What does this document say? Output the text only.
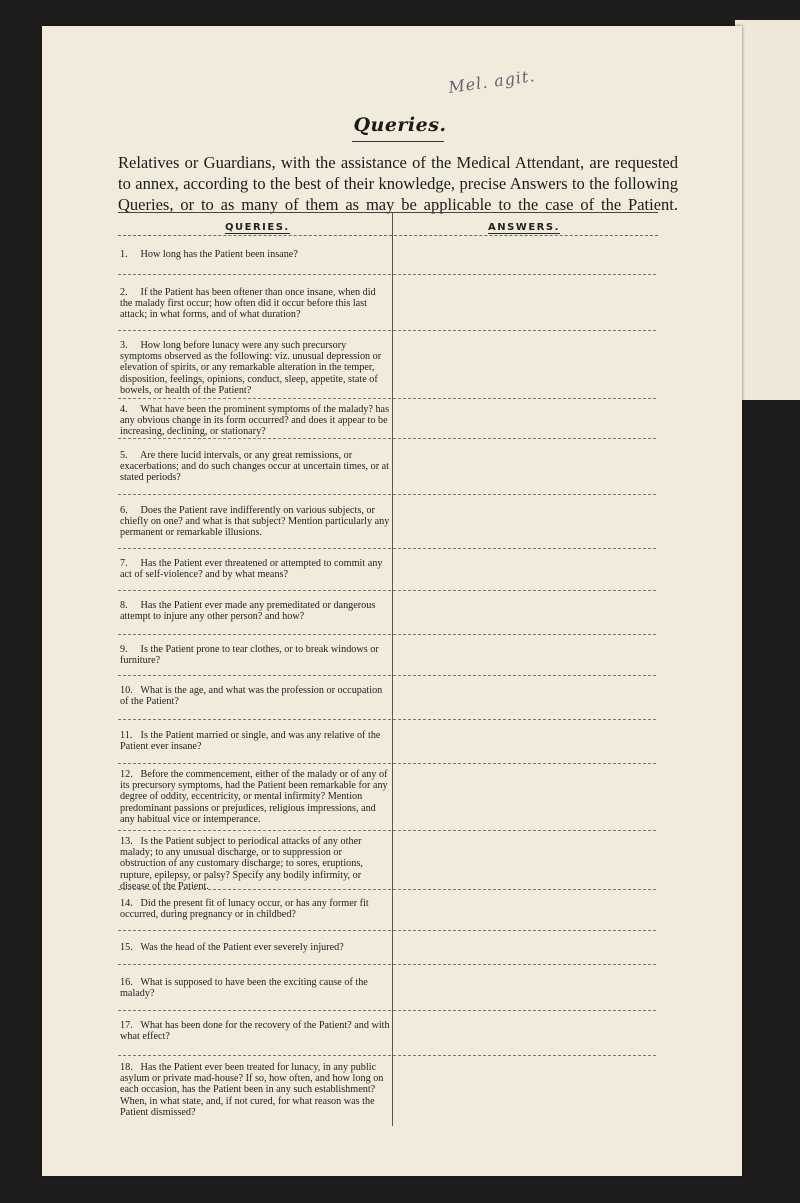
Mel. agit.
Queries.
Relatives or Guardians, with the assistance of the Medical Attendant, are requested to annex, according to the best of their knowledge, precise Answers to the following Queries, or to as many of them as may be applicable to the case of the Patient.
QUERIES.	ANSWERS.
1. How long has the Patient been insane?
2. If the Patient has been oftener than once insane, when did the malady first occur; how often did it occur before this last attack; in what forms, and of what duration?
3. How long before lunacy were any such precursory symptoms observed as the following: viz. unusual depression or elevation of spirits, or any remarkable alteration in the temper, disposition, feelings, opinions, conduct, sleep, appetite, state of bowels, or health of the Patient?
4. What have been the prominent symptoms of the malady? has any obvious change in its form occurred? and does it appear to be increasing, declining, or stationary?
5. Are there lucid intervals, or any great remissions, or exacerbations; and do such changes occur at uncertain times, or at stated periods?
6. Does the Patient rave indifferently on various subjects, or chiefly on one? and what is that subject? Mention particularly any permanent or remarkable illusions.
7. Has the Patient ever threatened or attempted to commit any act of self-violence? and by what means?
8. Has the Patient ever made any premeditated or dangerous attempt to injure any other person? and how?
9. Is the Patient prone to tear clothes, or to break windows or furniture?
10. What is the age, and what was the profession or occupation of the Patient?
11. Is the Patient married or single, and was any relative of the Patient ever insane?
12. Before the commencement, either of the malady or of any of its precursory symptoms, had the Patient been remarkable for any degree of oddity, eccentricity, or mental infirmity? Mention predominant passions or prejudices, religious impressions, and any habitual vice or intemperance.
13. Is the Patient subject to periodical attacks of any other malady; to any unusual discharge, or to suppression or obstruction of any customary discharge; to sores, eruptions, rupture, epilepsy, or palsy? Specify any bodily infirmity, or disease of the Patient.
14. Did the present fit of lunacy occur, or has any former fit occurred, during pregnancy or in childbed?
15. Was the head of the Patient ever severely injured?
16. What is supposed to have been the exciting cause of the malady?
17. What has been done for the recovery of the Patient? and with what effect?
18. Has the Patient ever been treated for lunacy, in any public asylum or private mad-house? If so, how often, and how long on each occasion, has the Patient been in any such establishment? When, in what state, and, if not cured, for what reason was the Patient dismissed?
